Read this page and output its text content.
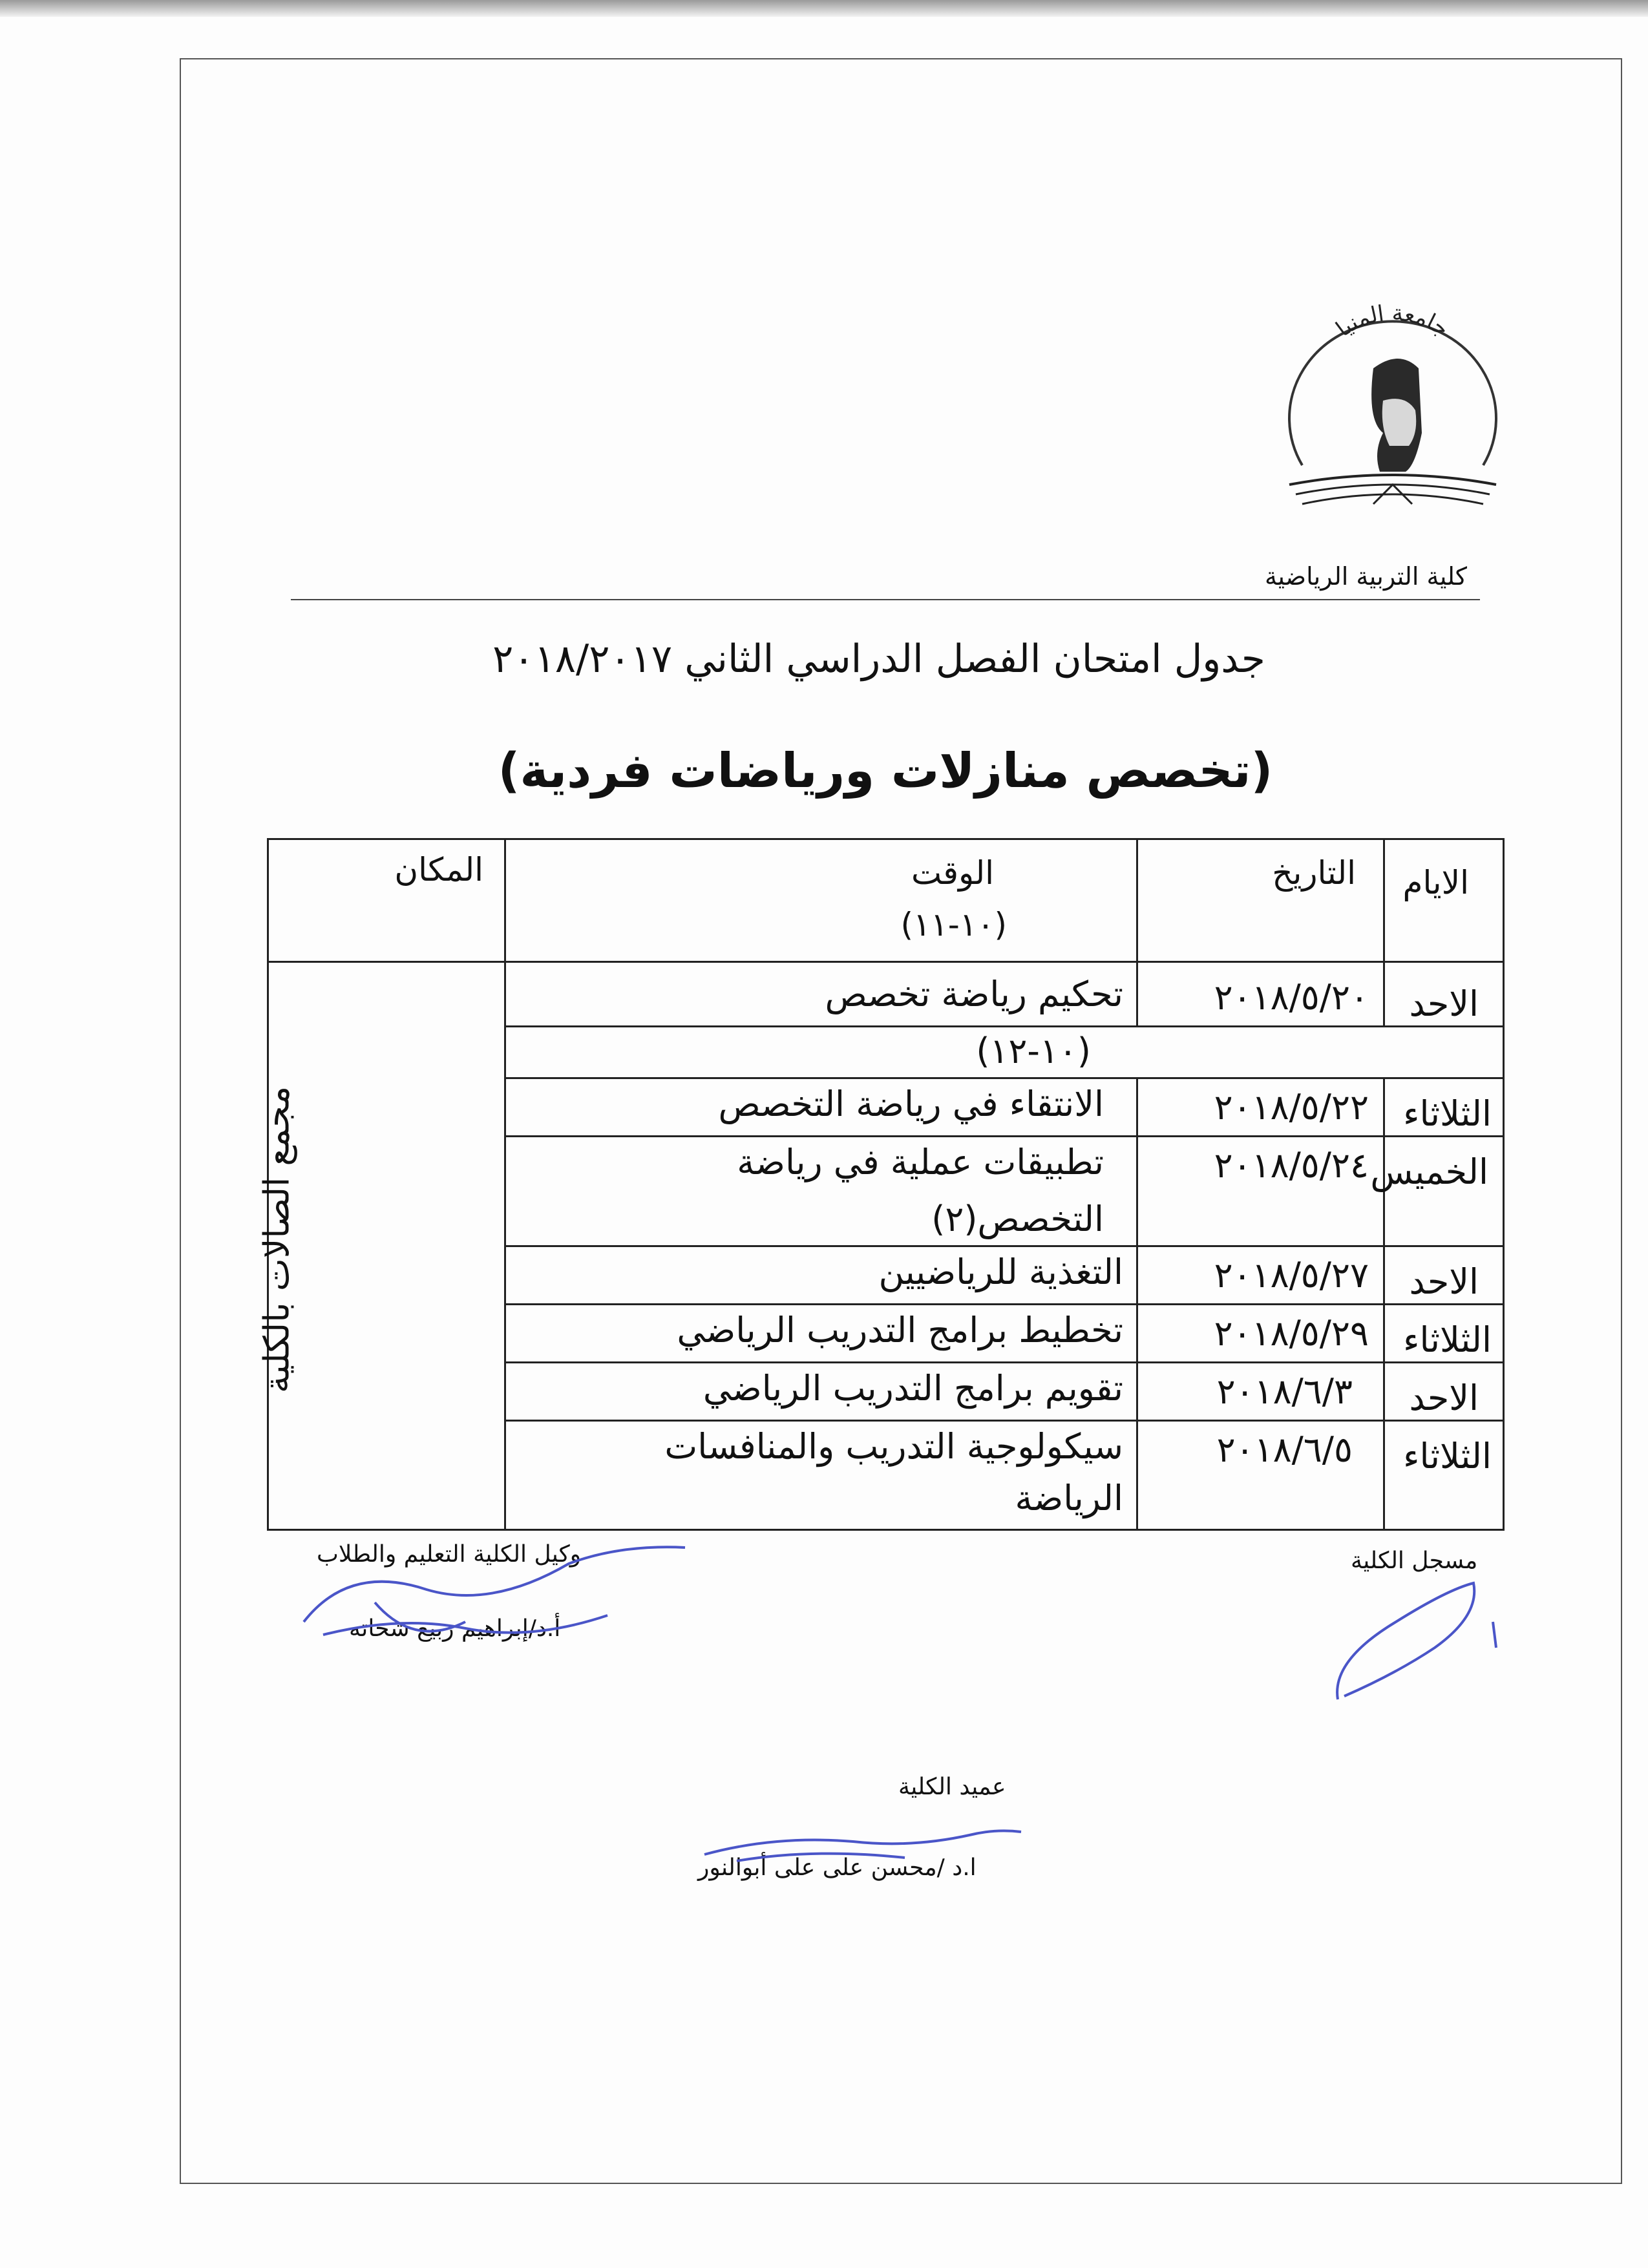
جامعة المنيا
كلية التربية الرياضية
جدول امتحان الفصل الدراسي الثاني ٢٠١٨/٢٠١٧
(تخصص منازلات ورياضات فردية)
الايام
التاريخ
الوقت
(١٠-١١)
المكان
مجمع الصالات بالكلية
الاحد
٢٠١٨/٥/٢٠
تحكيم رياضة تخصص
(١٠-١٢)
الثلاثاء
٢٠١٨/٥/٢٢
الانتقاء في رياضة التخصص
الخميس
٢٠١٨/٥/٢٤
تطبيقات عملية في رياضة
التخصص(٢)
الاحد
٢٠١٨/٥/٢٧
التغذية للرياضيين
الثلاثاء
٢٠١٨/٥/٢٩
تخطيط برامج التدريب الرياضي
الاحد
٢٠١٨/٦/٣
تقويم برامج التدريب الرياضي
الثلاثاء
٢٠١٨/٦/٥
سيكولوجية التدريب والمنافسات
الرياضة
وكيل الكلية التعليم والطلاب
أ.د/إبراهيم ربيع شحاته
مسجل الكلية
عميد الكلية
ا.د /محسن على على أبوالنور
